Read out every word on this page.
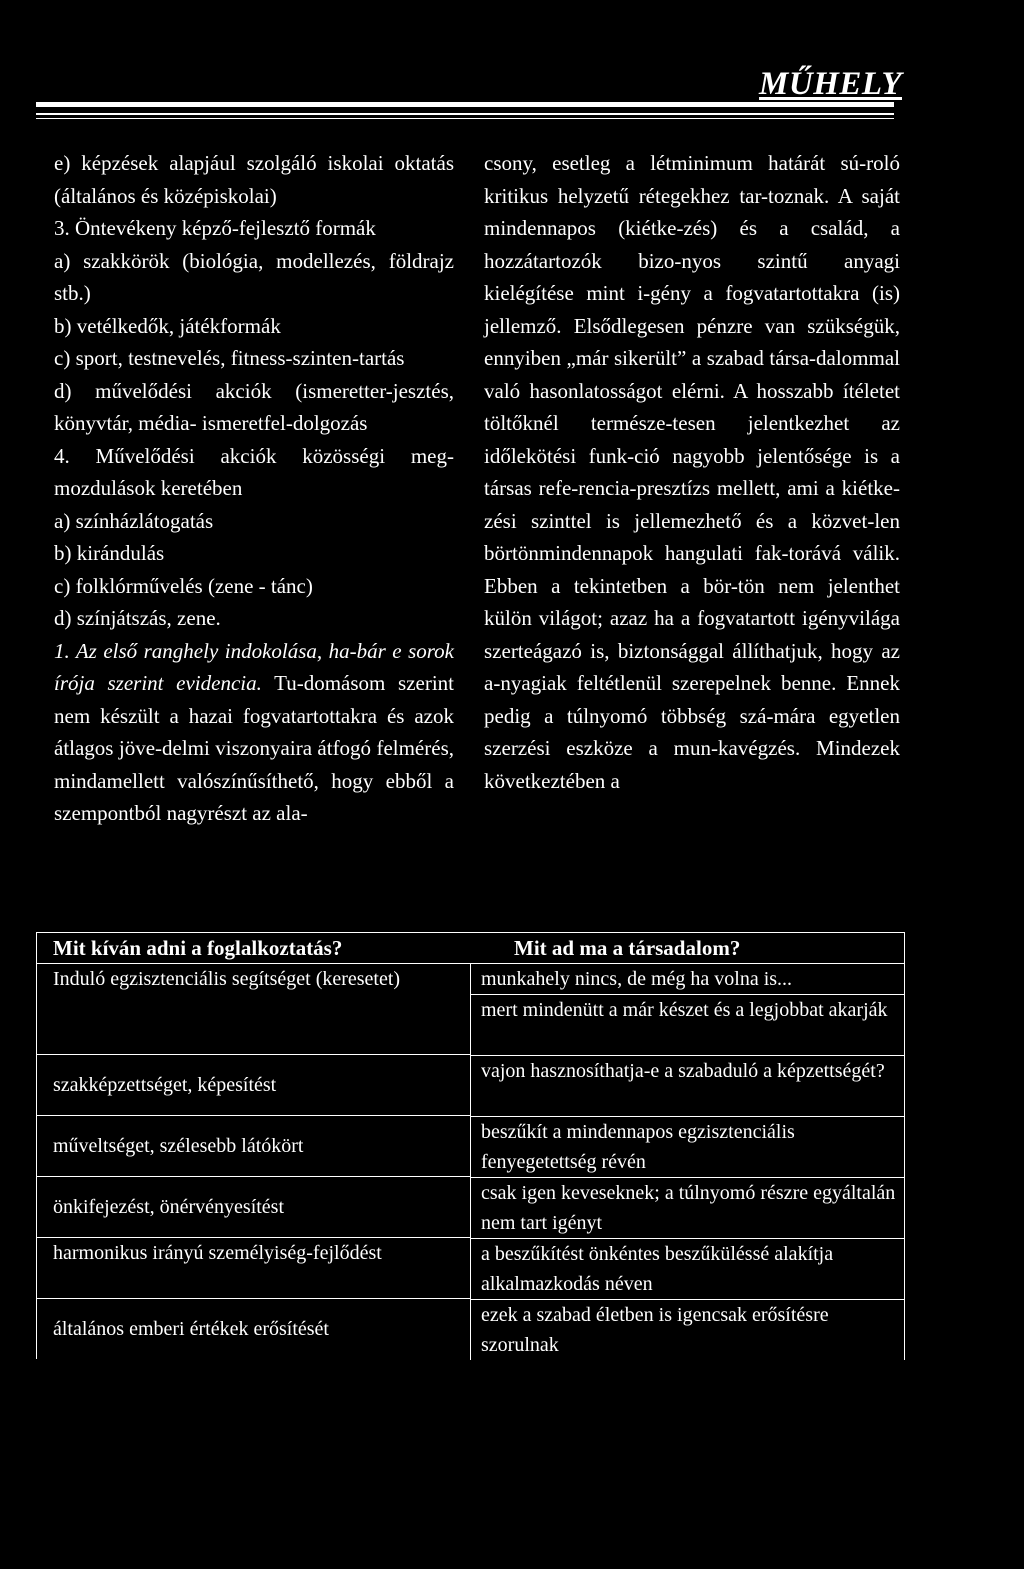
MŰHELY

e) képzések alapjául szolgáló iskolai oktatás (általános és középiskolai)

3. Öntevékeny képző-fejlesztő formák

a) szakkörök (biológia, modellezés, földrajz stb.)

b) vetélkedők, játékformák

c) sport, testnevelés, fitness-szinten-tartás

d) művelődési akciók (ismeretter-jesztés, könyvtár, média- ismeretfel-dolgozás

4. Művelődési akciók közösségi meg-mozdulások keretében

a) színházlátogatás

b) kirándulás

c) folklórművelés (zene - tánc)

d) színjátszás, zene.

1. Az első ranghely indokolása, ha-bár e sorok írója szerint evidencia. Tu-domásom szerint nem készült a hazai fogvatartottakra és azok átlagos jöve-delmi viszonyaira átfogó felmérés, mindamellett valószínűsíthető, hogy ebből a szempontból nagyrészt az ala-

csony, esetleg a létminimum határát sú-roló kritikus helyzetű rétegekhez tar-toznak. A saját mindennapos (kiétke-zés) és a család, a hozzátartozók bizo-nyos szintű anyagi kielégítése mint i-gény a fogvatartottakra (is) jellemző. Elsődlegesen pénzre van szükségük, ennyiben „már sikerült” a szabad társa-dalommal való hasonlatosságot elérni. A hosszabb ítéletet töltőknél természe-tesen jelentkezhet az időlekötési funk-ció nagyobb jelentősége is a társas refe-rencia-presztízs mellett, ami a kiétke-zési szinttel is jellemezhető és a közvet-len börtönmindennapok hangulati fak-torává válik. Ebben a tekintetben a bör-tön nem jelenthet külön világot; azaz ha a fogvatartott igényvilága szerteágazó is, biztonsággal állíthatjuk, hogy az a-nyagiak feltétlenül szerepelnek benne. Ennek pedig a túlnyomó többség szá-mára egyetlen szerzési eszköze a mun-kavégzés. Mindezek következtében a

Mit kíván adni a foglalkoztatás?
Induló egzisztenciális segítséget (keresetet)
szakképzettséget, képesítést
műveltséget, szélesebb látókört
önkifejezést, önérvényesítést
harmonikus irányú személyiség-fejlődést
általános emberi értékek erősítését
Mit ad ma a társadalom?
munkahely nincs, de még ha volna is...
mert mindenütt a már készet és a legjobbat akarják
vajon hasznosíthatja-e a szabaduló a képzettségét?
beszűkít a mindennapos egzisztenciális fenyegetettség révén
csak igen keveseknek; a túlnyomó részre egyáltalán nem tart igényt
a beszűkítést önkéntes beszűküléssé alakítja alkalmazkodás néven
ezek a szabad életben is igencsak erősítésre szorulnak
